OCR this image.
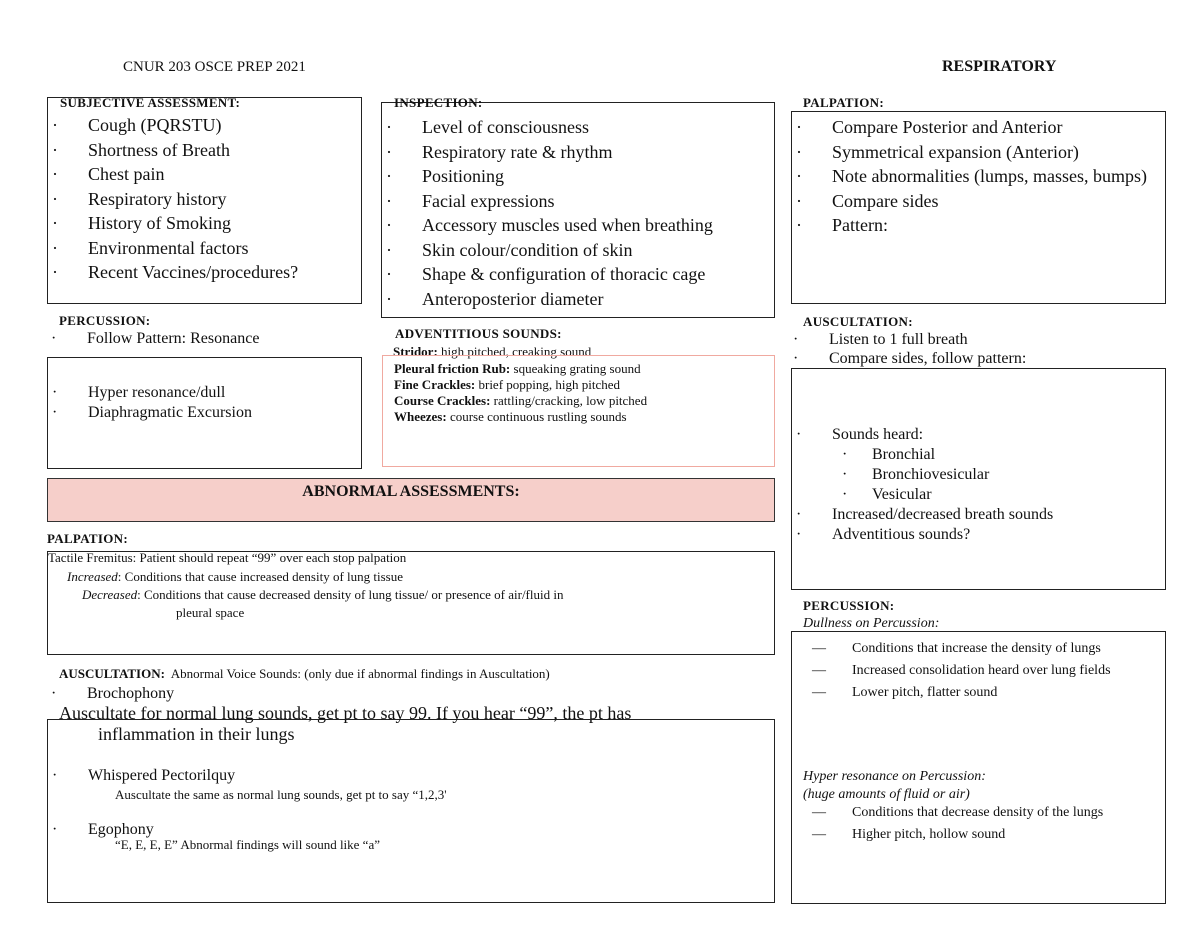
CNUR 203 OSCE PREP 2021	RESPIRATORY
SUBJECTIVE ASSESSMENT:
· Cough (PQRSTU)
· Shortness of Breath
· Chest pain
· Respiratory history
· History of Smoking
· Environmental factors
· Recent Vaccines/procedures?
INSPECTION:
· Level of consciousness
· Respiratory rate & rhythm
· Positioning
· Facial expressions
· Accessory muscles used when breathing
· Skin colour/condition of skin
· Shape & configuration of thoracic cage
· Anteroposterior diameter
PALPATION:
· Compare Posterior and Anterior
· Symmetrical expansion (Anterior)
· Note abnormalities (lumps, masses, bumps)
· Compare sides
· Pattern:
PERCUSSION:
· Follow Pattern: Resonance
· Hyper resonance/dull
· Diaphragmatic Excursion
ADVENTITIOUS SOUNDS:
Stridor: high pitched, creaking sound
Pleural friction Rub: squeaking grating sound
Fine Crackles: brief popping, high pitched
Course Crackles: rattling/cracking, low pitched
Wheezes: course continuous rustling sounds
AUSCULTATION:
· Listen to 1 full breath
· Compare sides, follow pattern:
· Sounds heard:
· Bronchial
· Bronchiovesicular
· Vesicular
· Increased/decreased breath sounds
· Adventitious sounds?
ABNORMAL ASSESSMENTS:
PALPATION:
Tactile Fremitus: Patient should repeat “99” over each stop palpation
Increased: Conditions that cause increased density of lung tissue
Decreased: Conditions that cause decreased density of lung tissue/ or presence of air/fluid in
pleural space
AUSCULTATION: Abnormal Voice Sounds: (only due if abnormal findings in Auscultation)
· Brochophony
Auscultate for normal lung sounds, get pt to say 99. If you hear “99”, the pt has
inflammation in their lungs
· Whispered Pectorilquy
Auscultate the same as normal lung sounds, get pt to say “1,2,3'
· Egophony
“E, E, E, E” Abnormal findings will sound like “a”
PERCUSSION:
Dullness on Percussion:
— Conditions that increase the density of lungs
— Increased consolidation heard over lung fields
— Lower pitch, flatter sound
Hyper resonance on Percussion:
(huge amounts of fluid or air)
— Conditions that decrease density of the lungs
— Higher pitch, hollow sound
